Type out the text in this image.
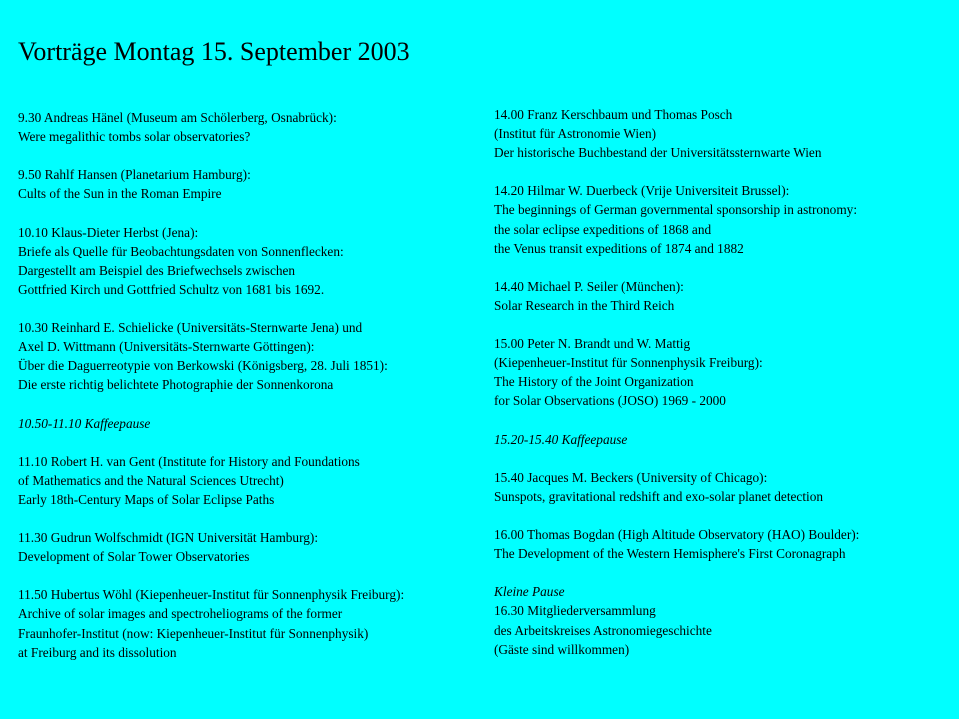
Vorträge Montag 15. September 2003
9.30 Andreas Hänel (Museum am Schölerberg, Osnabrück):
Were megalithic tombs solar observatories?
9.50 Rahlf Hansen (Planetarium Hamburg):
Cults of the Sun in the Roman Empire
10.10 Klaus-Dieter Herbst (Jena):
Briefe als Quelle für Beobachtungsdaten von Sonnenflecken:
Dargestellt am Beispiel des Briefwechsels zwischen
Gottfried Kirch und Gottfried Schultz von 1681 bis 1692.
10.30 Reinhard E. Schielicke (Universitäts-Sternwarte Jena) und
Axel D. Wittmann (Universitäts-Sternwarte Göttingen):
Über die Daguerreotypie von Berkowski (Königsberg, 28. Juli 1851):
Die erste richtig belichtete Photographie der Sonnenkorona
10.50-11.10 Kaffeepause
11.10 Robert H. van Gent (Institute for History and Foundations
of Mathematics and the Natural Sciences Utrecht)
Early 18th-Century Maps of Solar Eclipse Paths
11.30 Gudrun Wolfschmidt (IGN Universität Hamburg):
Development of Solar Tower Observatories
11.50 Hubertus Wöhl (Kiepenheuer-Institut für Sonnenphysik Freiburg):
Archive of solar images and spectroheliograms of the former
Fraunhofer-Institut (now: Kiepenheuer-Institut für Sonnenphysik)
at Freiburg and its dissolution
14.00 Franz Kerschbaum und Thomas Posch
(Institut für Astronomie Wien)
Der historische Buchbestand der Universitätssternwarte Wien
14.20 Hilmar W. Duerbeck (Vrije Universiteit Brussel):
The beginnings of German governmental sponsorship in astronomy:
the solar eclipse expeditions of 1868 and
the Venus transit expeditions of 1874 and 1882
14.40 Michael P. Seiler (München):
Solar Research in the Third Reich
15.00 Peter N. Brandt und W. Mattig
(Kiepenheuer-Institut für Sonnenphysik Freiburg):
The History of the Joint Organization
for Solar Observations (JOSO) 1969 - 2000
15.20-15.40 Kaffeepause
15.40 Jacques M. Beckers (University of Chicago):
Sunspots, gravitational redshift and exo-solar planet detection
16.00 Thomas Bogdan (High Altitude Observatory (HAO) Boulder):
The Development of the Western Hemisphere's First Coronagraph
Kleine Pause
16.30 Mitgliederversammlung
des Arbeitskreises Astronomiegeschichte
(Gäste sind willkommen)
